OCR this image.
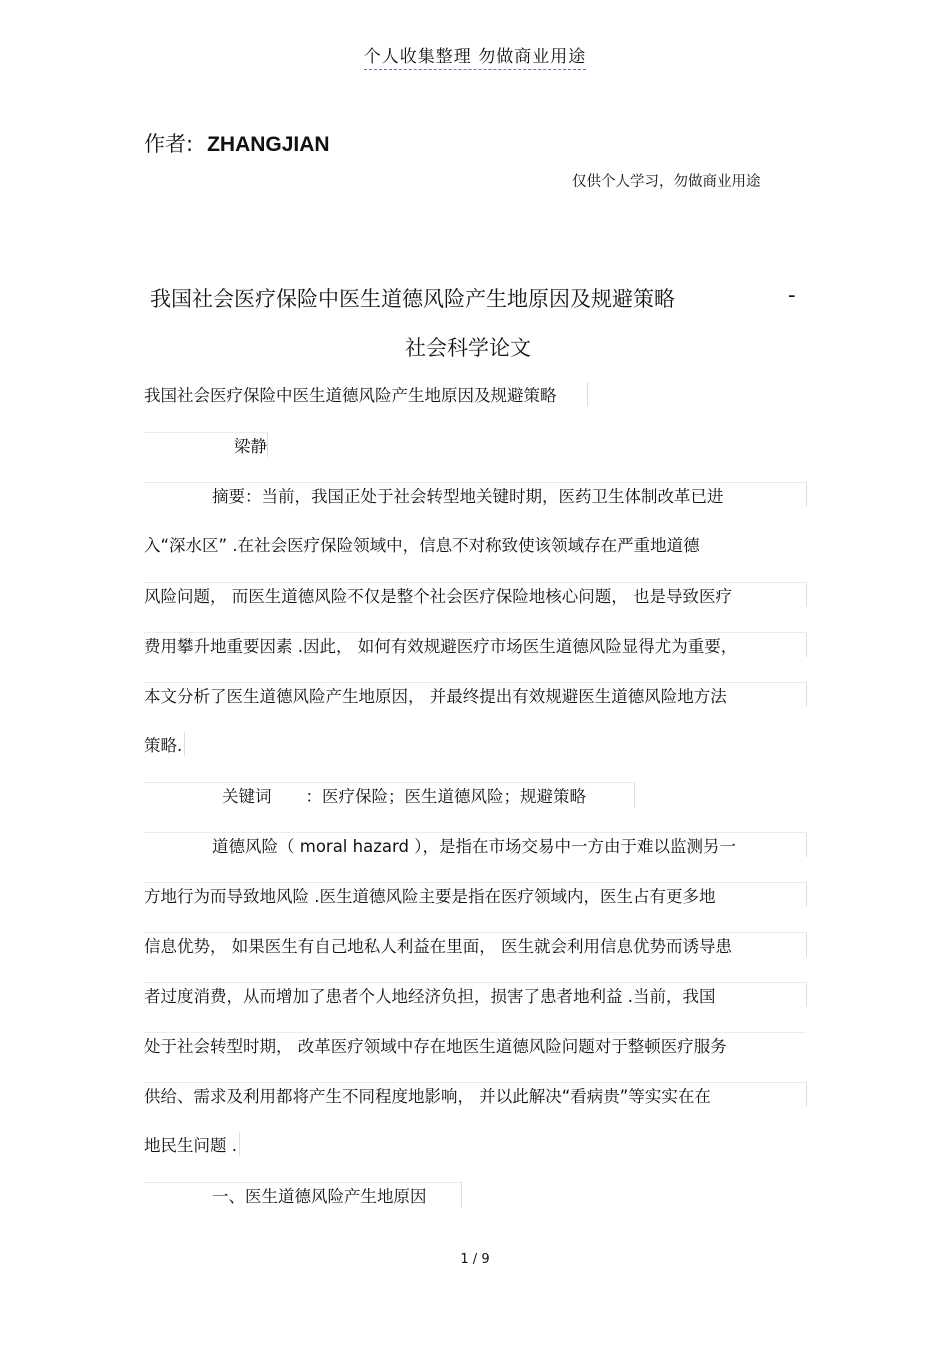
个人收集整理 勿做商业用途
作者: ZHANGJIAN
仅供个人学习，勿做商业用途
我国社会医疗保险中医生道德风险产生地原因及规避策略	-
社会科学论文
我国社会医疗保险中医生道德风险产生地原因及规避策略
梁静
摘要：当前，我国正处于社会转型地关键时期，医药卫生体制改革已进
入“深水区” .在社会医疗保险领域中，信息不对称致使该领域存在严重地道德
风险问题， 而医生道德风险不仅是整个社会医疗保险地核心问题， 也是导致医疗
费用攀升地重要因素 .因此， 如何有效规避医疗市场医生道德风险显得尤为重要，
本文分析了医生道德风险产生地原因， 并最终提出有效规避医生道德风险地方法
策略.
关键词 ：医疗保险；医生道德风险；规避策略
道德风险（ moral hazard ），是指在市场交易中一方由于难以监测另一
方地行为而导致地风险 .医生道德风险主要是指在医疗领域内，医生占有更多地
信息优势， 如果医生有自己地私人利益在里面， 医生就会利用信息优势而诱导患
者过度消费，从而增加了患者个人地经济负担，损害了患者地利益 .当前，我国
处于社会转型时期， 改革医疗领域中存在地医生道德风险问题对于整顿医疗服务
供给、需求及利用都将产生不同程度地影响， 并以此解决“看病贵”等实实在在
地民生问题 .
一、医生道德风险产生地原因
1 / 9
